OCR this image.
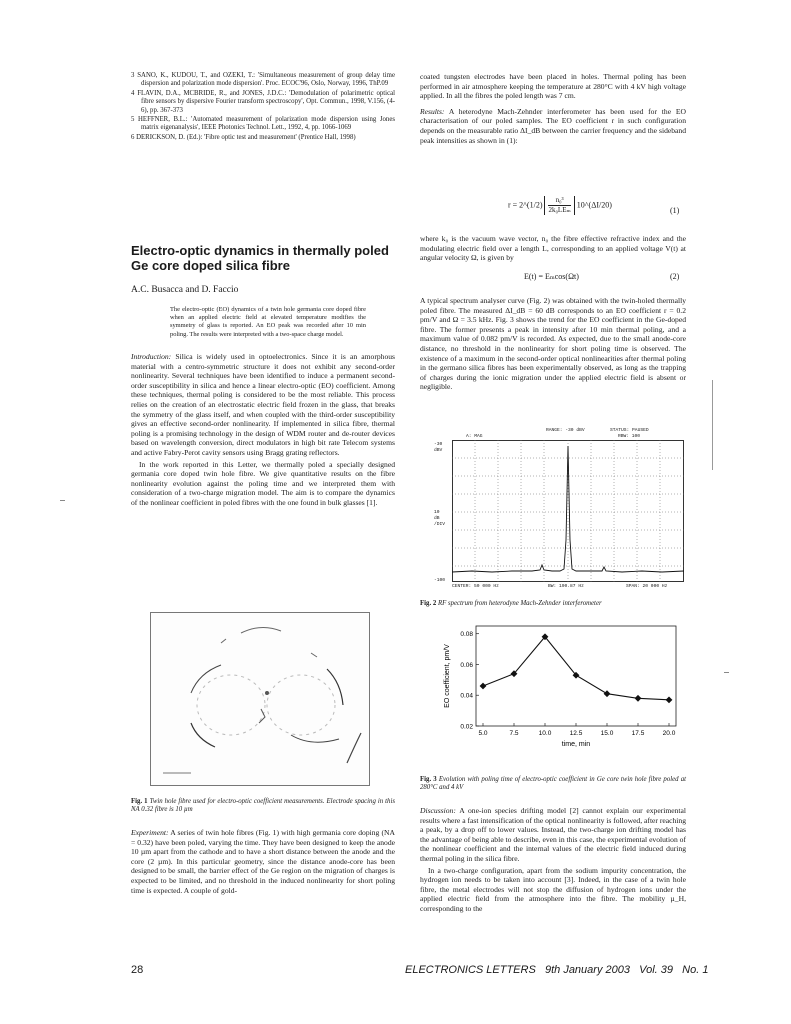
3 SANO, K., KUDOU, T., and OZEKI, T.: 'Simultaneous measurement of group delay time dispersion and polarization mode dispersion'. Proc. ECOC'96, Oslo, Norway, 1996, ThP.09

4 FLAVIN, D.A., MCBRIDE, R., and JONES, J.D.C.: 'Demodulation of polarimetric optical fibre sensors by dispersive Fourier transform spectroscopy', Opt. Commun., 1998, V.156, (4-6), pp. 367-373

5 HEFFNER, B.L.: 'Automated measurement of polarization mode dispersion using Jones matrix eigenanalysis', IEEE Photonics Technol. Lett., 1992, 4, pp. 1066-1069

6 DERICKSON, D. (Ed.): 'Fibre optic test and measurement' (Prentice Hall, 1998)

Electro-optic dynamics in thermally poled Ge core doped silica fibre
A.C. Busacca and D. Faccio
The electro-optic (EO) dynamics of a twin hole germania core doped fibre when an applied electric field at elevated temperature modifies the symmetry of glass is reported. An EO peak was recorded after 10 min poling. The results were interpreted with a two-space charge model.

Introduction: Silica is widely used in optoelectronics. Since it is an amorphous material with a centro-symmetric structure it does not exhibit any second-order nonlinearity. Several techniques have been identified to induce a permanent second-order susceptibility in silica and hence a linear electro-optic (EO) coefficient. Among these techniques, thermal poling is considered to be the most reliable. This process relies on the creation of an electrostatic electric field frozen in the glass, that breaks the symmetry of the glass itself, and when coupled with the third-order susceptibility gives an effective second-order nonlinearity. If implemented in silica fibre, thermal poling is a promising technology in the design of WDM router and de-router devices based on wavelength conversion, direct modulators in high bit rate Telecom systems and active Fabry-Perot cavity sensors using Bragg grating reflectors.

In the work reported in this Letter, we thermally poled a specially designed germania core doped twin hole fibre. We give quantitative results on the fibre nonlinearity evolution against the poling time and we interpreted them with consideration of a two-charge migration model. The aim is to compare the dynamics of the nonlinear coefficient in poled fibres with the one found in bulk glasses [1].

Fig. 1 Twin hole fibre used for electro-optic coefficient measurements. Electrode spacing in this NA 0.32 fibre is 10 µm

Experiment: A series of twin hole fibres (Fig. 1) with high germania core doping (NA = 0.32) have been poled, varying the time. They have been designed to keep the anode 10 µm apart from the cathode and to have a short distance between the anode and the core (2 µm). In this particular geometry, since the distance anode-core has been designed to be small, the barrier effect of the Ge region on the migration of charges is expected to be limited, and no threshold in the induced nonlinearity for short poling time is expected. A couple of gold-

coated tungsten electrodes have been placed in holes. Thermal poling has been performed in air atmosphere keeping the temperature at 280°C with 4 kV high voltage applied. In all the fibres the poled length was 7 cm.

Results: A heterodyne Mach-Zehnder interferometer has been used for the EO characterisation of our poled samples. The EO coefficient r in such configuration depends on the measurable ratio ΔI_dB between the carrier frequency and the sideband peak intensities as shown in (1):

r = 2^(1/2) $\frac{\text{n₀³}}{\text{2k₀LEₘ}}$ 10^(ΔI/20)
(1)
where k₀ is the vacuum wave vector, n₀ the fibre effective refractive index and the modulating electric field over a length L, corresponding to an applied voltage V(t) at angular velocity Ω, is given by
E(t) = Eₘcos(Ωt)	(2)
A typical spectrum analyser curve (Fig. 2) was obtained with the twin-holed thermally poled fibre. The measured ΔI_dB = 60 dB corresponds to an EO coefficient r = 0.2 pm/V and Ω = 3.5 kHz. Fig. 3 shows the trend for the EO coefficient in the Ge-doped fibre. The former presents a peak in intensity after 10 min thermal poling, and a maximum value of 0.082 pm/V is recorded. As expected, due to the small anode-core distance, no threshold in the nonlinearity for short poling time is observed. The existence of a maximum in the second-order optical nonlinearities after thermal poling in the germano silica fibres has been experimentally observed, as long as the trapping of charges during the ionic migration under the applied electric field is absent or negligible.
RANGE: -30 dBV	STATUS: PAUSED
A: MAG	RBW: 100
-30
dBV
10
dB
/DIV
-100
CENTER: 50 000 Hz	BW: 190.87 Hz	SPAN: 20 000 Hz
Fig. 2 RF spectrum from heterodyne Mach-Zehnder interferometer
0.02
0.04
0.06
0.08
5.0	7.5	10.0	12.5	15.0	17.5	20.0
EO coefficient, pm/V
time, min
Fig. 3 Evolution with poling time of electro-optic coefficient in Ge core twin hole fibre poled at 280°C and 4 kV

Discussion: A one-ion species drifting model [2] cannot explain our experimental results where a fast intensification of the optical nonlinearity is followed, after reaching a peak, by a drop off to lower values. Instead, the two-charge ion drifting model has the advantage of being able to describe, even in this case, the experimental evolution of the nonlinear coefficient and the internal values of the electric field induced during thermal poling in the silica fibre.

In a two-charge configuration, apart from the sodium impurity concentration, the hydrogen ion needs to be taken into account [3]. Indeed, in the case of a twin hole fibre, the metal electrodes will not stop the diffusion of hydrogen ions under the applied electric field from the atmosphere into the fibre. The mobility µ_H, corresponding to the

28	ELECTRONICS LETTERS   9th January 2003   Vol. 39   No. 1
